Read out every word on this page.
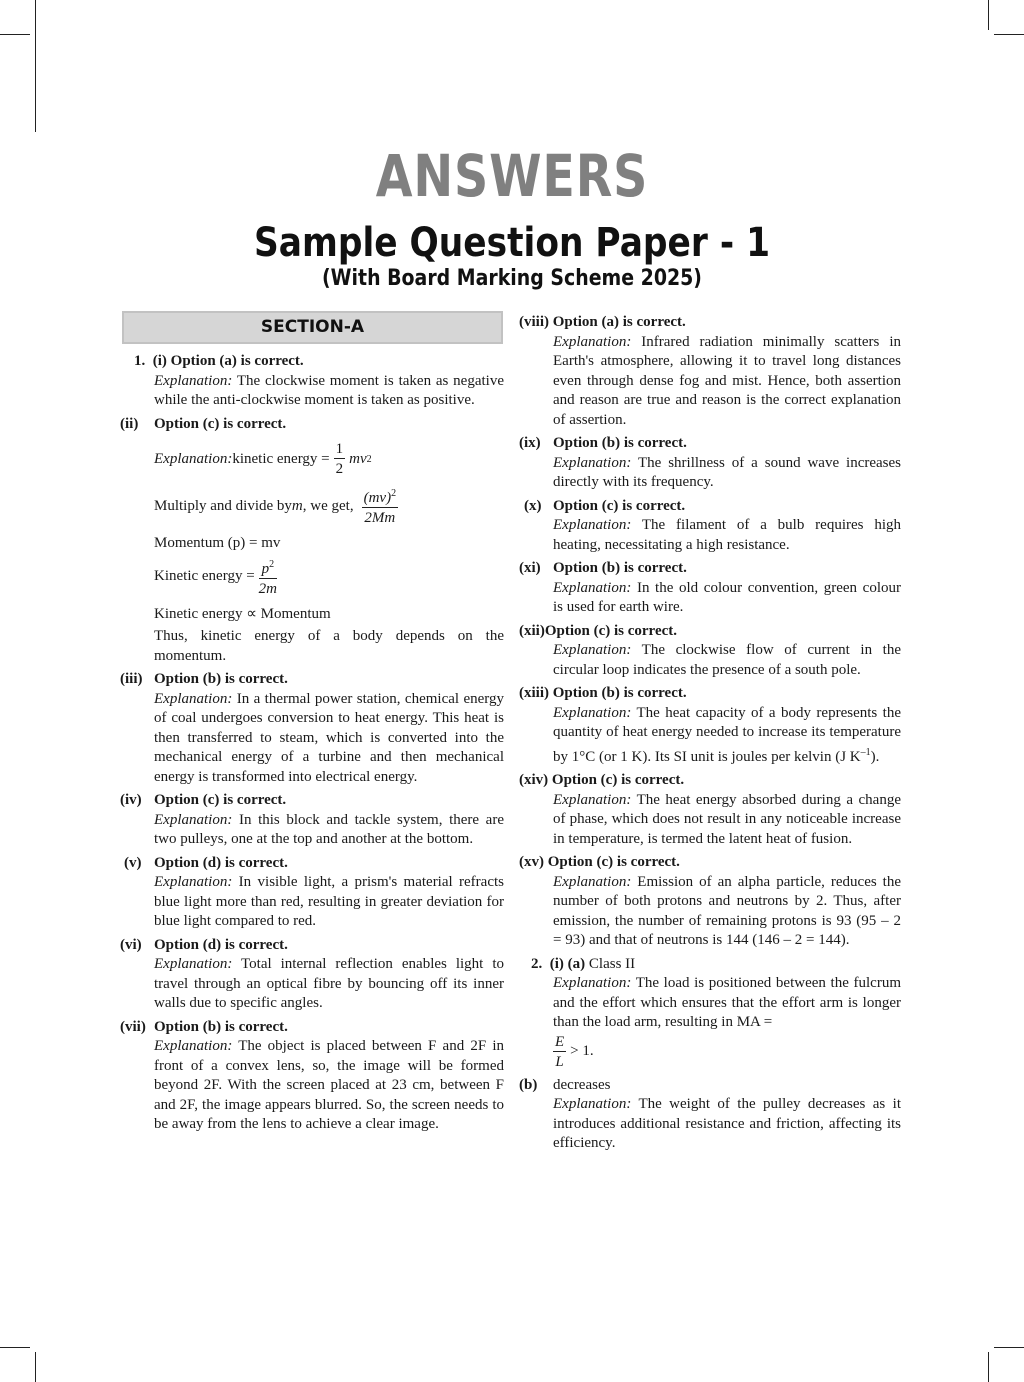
ANSWERS
Sample Question Paper - 1
(With Board Marking Scheme 2025)
SECTION-A
1. (i) Option (a) is correct.
Explanation: The clockwise moment is taken as negative while the anti-clockwise moment is taken as positive.
(ii) Option (c) is correct.
Explanation: kinetic energy = $\frac{1}{2}$ mv 2
Multiply and divide by m , we get, $\frac{(mv)^2}{2Mm}$
Momentum (p) = mv
Kinetic energy = $\frac{p^2}{2m}$
Kinetic energy ∝ Momentum
Thus, kinetic energy of a body depends on the momentum.
(iii) Option (b) is correct.
Explanation: In a thermal power station, chemical energy of coal undergoes conversion to heat energy. This heat is then transferred to steam, which is converted into the mechanical energy of a turbine and then mechanical energy is transformed into electrical energy.
(iv) Option (c) is correct.
Explanation: In this block and tackle system, there are two pulleys, one at the top and another at the bottom.
(v) Option (d) is correct.
Explanation: In visible light, a prism's material refracts blue light more than red, resulting in greater deviation for blue light compared to red.
(vi) Option (d) is correct.
Explanation: Total internal reflection enables light to travel through an optical fibre by bouncing off its inner walls due to specific angles.
(vii) Option (b) is correct.
Explanation: The object is placed between F and 2F in front of a convex lens, so, the image will be formed beyond 2F. With the screen placed at 23 cm, between F and 2F, the image appears blurred. So, the screen needs to be away from the lens to achieve a clear image.
(viii) Option (a) is correct.
Explanation: Infrared radiation minimally scatters in Earth's atmosphere, allowing it to travel long distances even through dense fog and mist. Hence, both assertion and reason are true and reason is the correct explanation of assertion.
(ix) Option (b) is correct.
Explanation: The shrillness of a sound wave increases directly with its frequency.
(x) Option (c) is correct.
Explanation: The filament of a bulb requires high heating, necessitating a high resistance.
(xi) Option (b) is correct.
Explanation: In the old colour convention, green colour is used for earth wire.
(xii)Option (c) is correct.
Explanation: The clockwise flow of current in the circular loop indicates the presence of a south pole.
(xiii) Option (b) is correct.
Explanation: The heat capacity of a body represents the quantity of heat energy needed to increase its temperature by 1°C (or 1 K). Its SI unit is joules per kelvin (J $K^{-1}$).
(xiv) Option (c) is correct.
Explanation: The heat energy absorbed during a change of phase, which does not result in any noticeable increase in temperature, is termed the latent heat of fusion.
(xv) Option (c) is correct.
Explanation: Emission of an alpha particle, reduces the number of both protons and neutrons by 2. Thus, after emission, the number of remaining protons is 93 (95 – 2 = 93) and that of neutrons is 144 (146 – 2 = 144).
2. (i) (a) Class II
Explanation: The load is positioned between the fulcrum and the effort which ensures that the effort arm is longer than the load arm, resulting in MA =
$\frac{E}{L} > 1$.
(b) decreases
Explanation: The weight of the pulley decreases as it introduces additional resistance and friction, affecting its efficiency.
